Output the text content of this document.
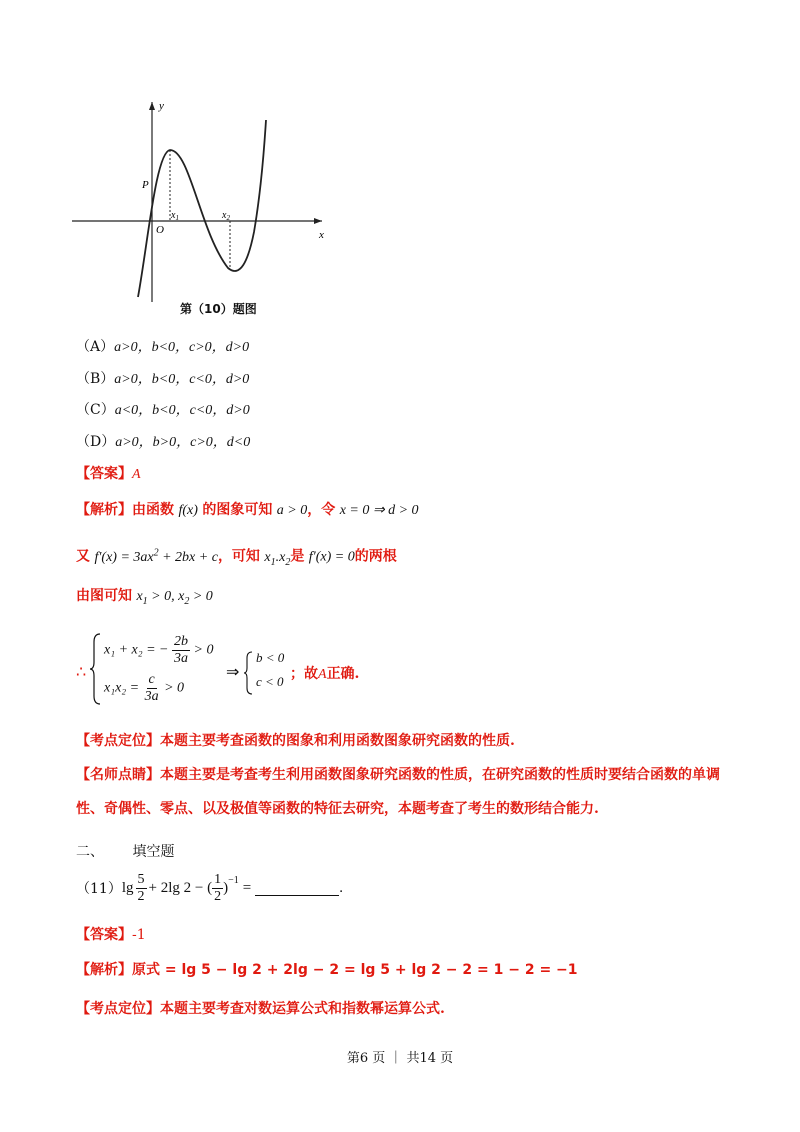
y
x
P
O
$x_1$	$x_2$
第（10）题图
（A）a>0，b<0，c>0，d>0
（B）a>0，b<0，c<0，d>0
（C）a<0，b<0，c<0，d>0
（D）a>0，b>0，c>0，d<0
【答案】A
【解析】由函数 f(x) 的图象可知 a > 0，令 x = 0 ⇒ d > 0
又 $f'(x) = 3ax^2 + 2bx + c$，可知 $x_1.x_2$是 f′(x) = 0的两根
由图可知 $x_1 > 0$, $x_2 > 0$
∴
x₁ + x₂ = − $\frac{2b}{3a} > 0$
$x_1x_2 = \frac{c}{3a} > 0$
⇒
b < 0
c < 0 ；故A正确.
【考点定位】本题主要考查函数的图象和利用函数图象研究函数的性质.
【名师点睛】本题主要是考查考生利用函数图象研究函数的性质，在研究函数的性质时要结合函数的单调
性、奇偶性、零点、以及极值等函数的特征去研究，本题考查了考生的数形结合能力.
二、 填空题
（11） $\lg \frac{5}{2} + 2\lg$ 2 − ( $\frac{1}{2} )^{-1}$ =	.
【答案】-1
【解析】原式 = lg 5 − lg 2 + 2lg − 2 = lg 5 + lg 2 − 2 = 1 − 2 = −1
【考点定位】本题主要考查对数运算公式和指数幂运算公式.
第6 页 ｜ 共14 页
